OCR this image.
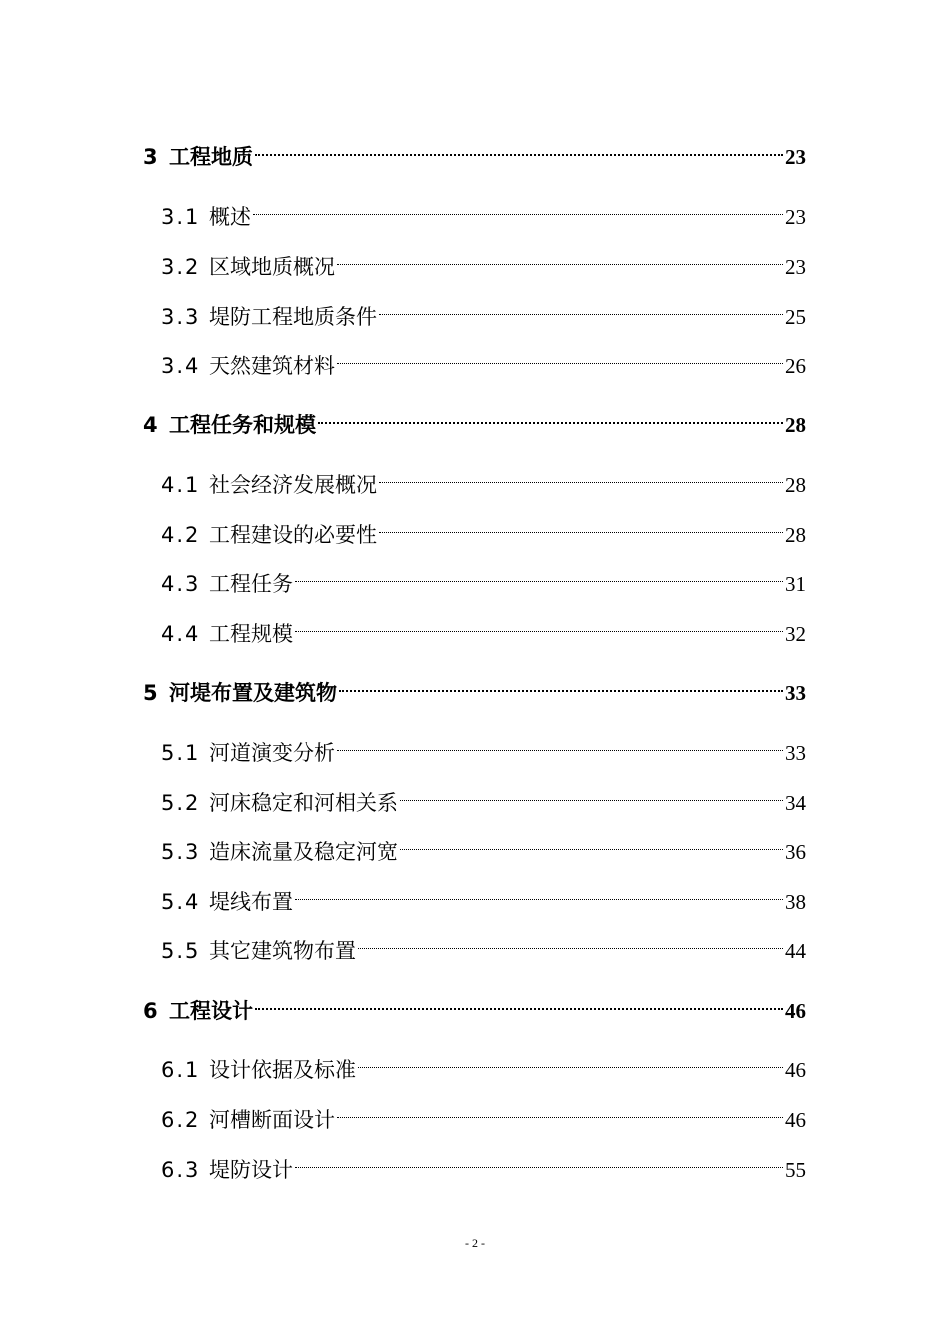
3 工程地质	23
3.1 概述	23
3.2 区域地质概况	23
3.3 堤防工程地质条件	25
3.4 天然建筑材料	26
4 工程任务和规模	28
4.1 社会经济发展概况	28
4.2 工程建设的必要性	28
4.3 工程任务	31
4.4 工程规模	32
5 河堤布置及建筑物	33
5.1 河道演变分析	33
5.2 河床稳定和河相关系	34
5.3 造床流量及稳定河宽	36
5.4 堤线布置	38
5.5 其它建筑物布置	44
6 工程设计	46
6.1 设计依据及标准	46
6.2 河槽断面设计	46
6.3 堤防设计	55
- 2 -
